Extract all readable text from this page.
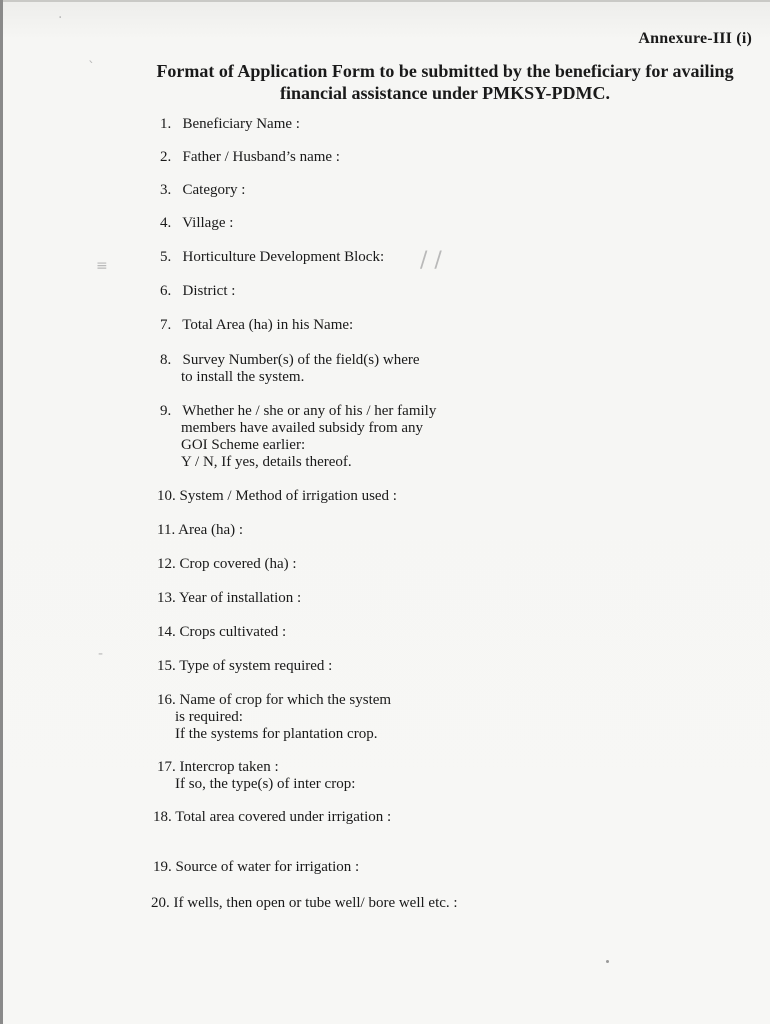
Annexure-III (i)
Format of Application Form to be submitted by the beneficiary for availing
financial assistance under PMKSY-PDMC.
1. Beneficiary Name :
2. Father / Husband’s name :
3. Category :
4. Village :
5. Horticulture Development Block:
6. District :
7. Total Area (ha) in his Name:
8. Survey Number(s) of the field(s) where
to install the system.
9. Whether he / she or any of his / her family
members have availed subsidy from any
GOI Scheme earlier:
Y / N, If yes, details thereof.
10. System / Method of irrigation used :
11. Area (ha) :
12. Crop covered (ha) :
13. Year of installation :
14. Crops cultivated :
15. Type of system required :
16. Name of crop for which the system
is required:
If the systems for plantation crop.
17. Intercrop taken :
If so, the type(s) of inter crop:
18. Total area covered under irrigation :
19. Source of water for irrigation :
20. If wells, then open or tube well/ bore well etc. :
·
ˋ
≡
-
/ /
